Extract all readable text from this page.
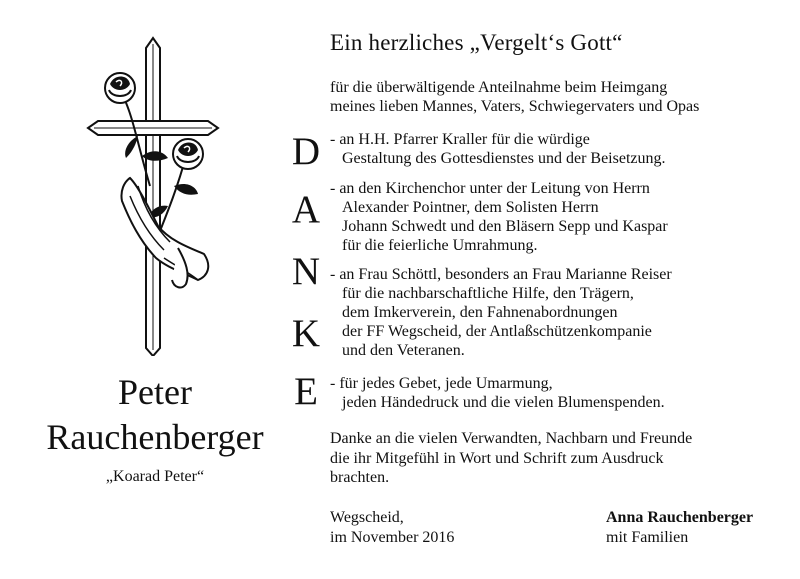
Peter
Rauchenberger
„Koarad Peter“
Ein herzliches „Vergelt‘s Gott“
für die überwältigende Anteilnahme beim Heimgang
meines lieben Mannes, Vaters, Schwiegervaters und Opas
D
A
N
K
E
- an H.H. Pfarrer Kraller für die würdige
Gestaltung des Gottesdienstes und der Beisetzung.
- an den Kirchenchor unter der Leitung von Herrn
Alexander Pointner, dem Solisten Herrn
Johann Schwedt und den Bläsern Sepp und Kaspar
für die feierliche Umrahmung.
- an Frau Schöttl, besonders an Frau Marianne Reiser
für die nachbarschaftliche Hilfe, den Trägern,
dem Imkerverein, den Fahnenabordnungen
der FF Wegscheid, der Antlaßschützenkompanie
und den Veteranen.
- für jedes Gebet, jede Umarmung,
jeden Händedruck und die vielen Blumenspenden.
Danke an die vielen Verwandten, Nachbarn und Freunde
die ihr Mitgefühl in Wort und Schrift zum Ausdruck
brachten.
Wegscheid,
im November 2016
Anna Rauchenberger
mit Familien
